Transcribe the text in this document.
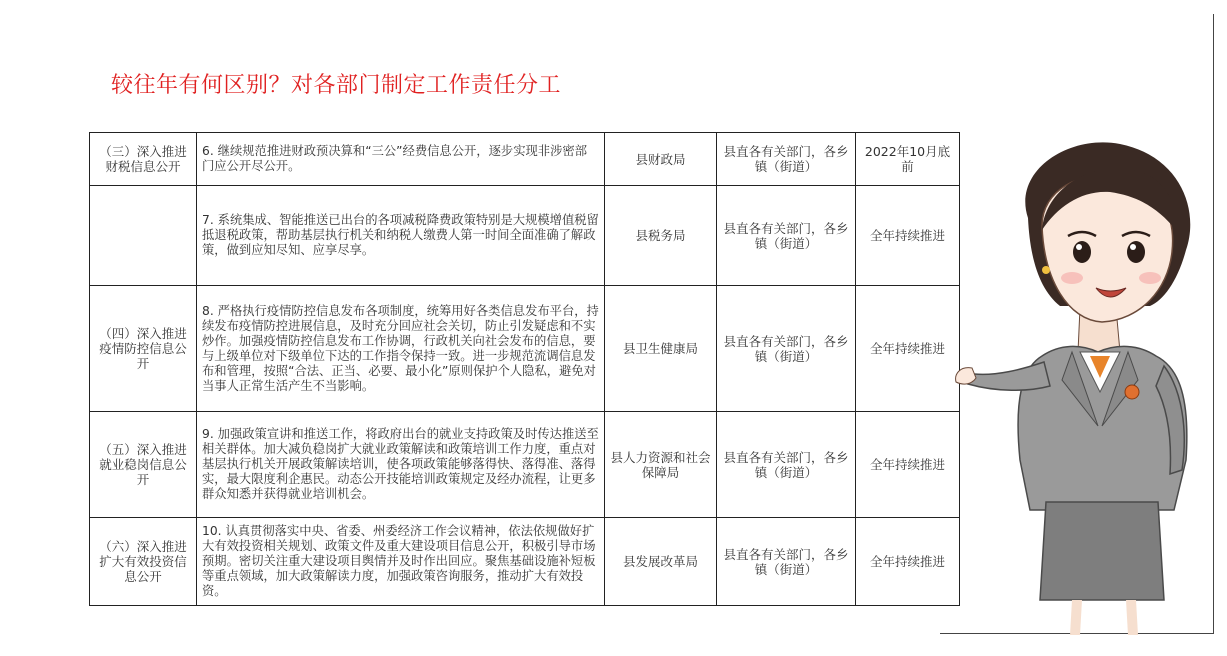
较往年有何区别？对各部门制定工作责任分工
（三）深入推进财税信息公开	6. 继续规范推进财政预决算和“三公”经费信息公开，逐步实现非涉密部门应公开尽公开。	县财政局	县直各有关部门，各乡镇（街道）	2022年10月底前
	7. 系统集成、智能推送已出台的各项减税降费政策特别是大规模增值税留抵退税政策，帮助基层执行机关和纳税人缴费人第一时间全面准确了解政策，做到应知尽知、应享尽享。	县税务局	县直各有关部门，各乡镇（街道）	全年持续推进
（四）深入推进疫情防控信息公开	8. 严格执行疫情防控信息发布各项制度，统筹用好各类信息发布平台，持续发布疫情防控进展信息，及时充分回应社会关切，防止引发疑虑和不实炒作。加强疫情防控信息发布工作协调，行政机关向社会发布的信息，要与上级单位对下级单位下达的工作指令保持一致。进一步规范流调信息发布和管理，按照“合法、正当、必要、最小化”原则保护个人隐私，避免对当事人正常生活产生不当影响。	县卫生健康局	县直各有关部门，各乡镇（街道）	全年持续推进
（五）深入推进就业稳岗信息公开	9. 加强政策宣讲和推送工作，将政府出台的就业支持政策及时传达推送至相关群体。加大减负稳岗扩大就业政策解读和政策培训工作力度，重点对基层执行机关开展政策解读培训，使各项政策能够落得快、落得准、落得实，最大限度利企惠民。动态公开技能培训政策规定及经办流程，让更多群众知悉并获得就业培训机会。	县人力资源和社会保障局	县直各有关部门，各乡镇（街道）	全年持续推进
（六）深入推进扩大有效投资信息公开	10. 认真贯彻落实中央、省委、州委经济工作会议精神，依法依规做好扩大有效投资相关规划、政策文件及重大建设项目信息公开，积极引导市场预期。密切关注重大建设项目舆情并及时作出回应。聚焦基础设施补短板等重点领域，加大政策解读力度，加强政策咨询服务，推动扩大有效投资。	县发展改革局	县直各有关部门，各乡镇（街道）	全年持续推进
